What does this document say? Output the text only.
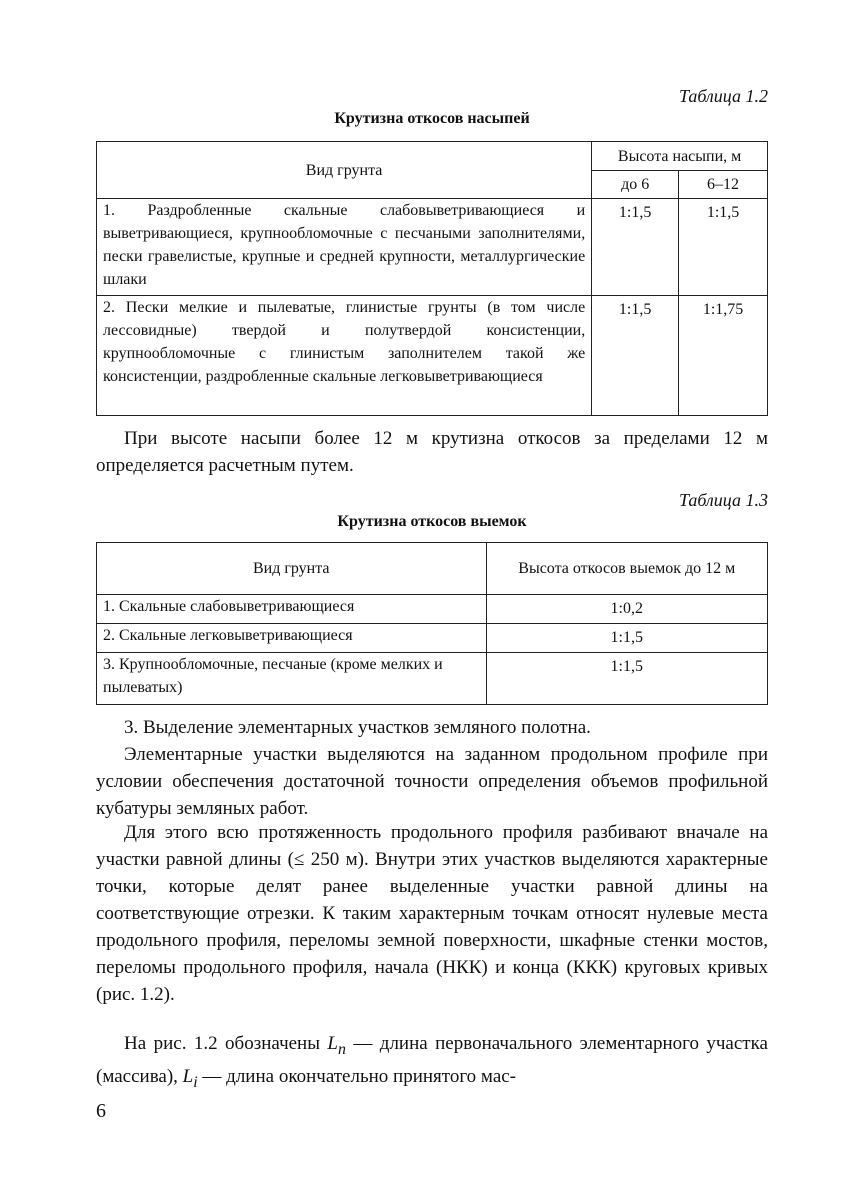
Таблица 1.2
Крутизна откосов насыпей
Вид грунта	Высота насыпи, м	
	до 6	6–12
1. Раздробленные скальные слабовыветривающиеся и выветривающиеся, крупнообломочные с песчаными заполнителями, пески гравелистые, крупные и средней крупности, металлургические шлаки	1:1,5	1:1,5
2. Пески мелкие и пылеватые, глинистые грунты (в том числе лессовидные) твердой и полутвердой консистенции, крупнообломочные с глинистым заполнителем такой же консистенции, раздробленные скальные легковыветривающиеся	1:1,5	1:1,75
При высоте насыпи более 12 м крутизна откосов за пределами 12 м определяется расчетным путем.
Таблица 1.3
Крутизна откосов выемок
Вид грунта	Высота откосов выемок до 12 м
1. Скальные слабовыветривающиеся	1:0,2
2. Скальные легковыветривающиеся	1:1,5
3. Крупнообломочные, песчаные (кроме мелких и пылеватых)	1:1,5
3. Выделение элементарных участков земляного полотна.
Элементарные участки выделяются на заданном продольном профиле при условии обеспечения достаточной точности определения объемов профильной кубатуры земляных работ.
Для этого всю протяженность продольного профиля разбивают вначале на участки равной длины (≤ 250 м). Внутри этих участков выделяются характерные точки, которые делят ранее выделенные участки равной длины на соответствующие отрезки. К таким характерным точкам относят нулевые места продольного профиля, переломы земной поверхности, шкафные стенки мостов, переломы продольного профиля, начала (НКК) и конца (ККК) круговых кривых (рис. 1.2).
На рис. 1.2 обозначены $L_n$ — длина первоначального элементарного участка (массива), $L_i$ — длина окончательно принятого мас-
6
